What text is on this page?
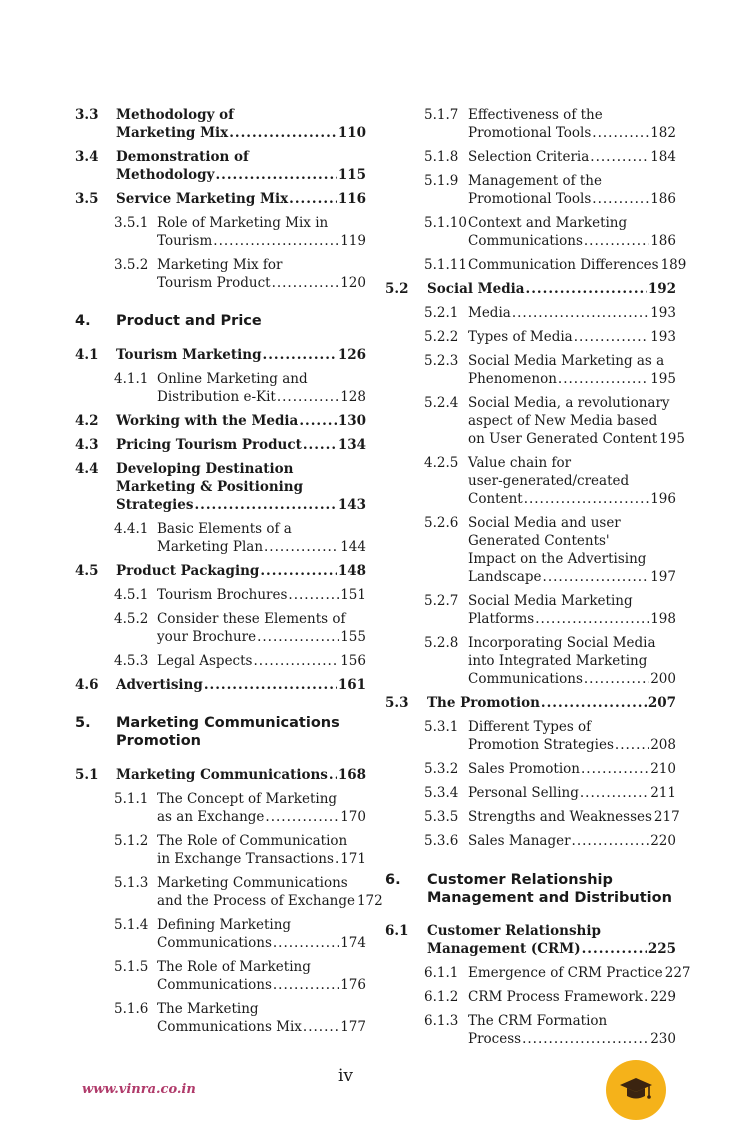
3.3 Methodology of
Marketing Mix .....	110
3.4 Demonstration of
Methodology .....	115
3.5 Service Marketing Mix .....	116
3.5.1 Role of Marketing Mix in
Tourism .....	119
3.5.2 Marketing Mix for
Tourism Product .....	120
4. Product and Price
4.1 Tourism Marketing .....	126
4.1.1 Online Marketing and
Distribution e-Kit .....	128
4.2 Working with the Media .....	130
4.3 Pricing Tourism Product .....	134
4.4 Developing Destination
Marketing & Positioning
Strategies .....	143
4.4.1 Basic Elements of a
Marketing Plan .....	144
4.5 Product Packaging .....	148
4.5.1 Tourism Brochures .....	151
4.5.2 Consider these Elements of
your Brochure .....	155
4.5.3 Legal Aspects .....	156
4.6 Advertising .....	161
5. Marketing Communications
Promotion
5.1 Marketing Communications ..... 168
5.1.1 The Concept of Marketing
as an Exchange .....	170
5.1.2 The Role of Communication
in Exchange Transactions ..... 171
5.1.3 Marketing Communications
and the Process of Exchange 172
5.1.4 Defining Marketing
Communications .....	174
5.1.5 The Role of Marketing
Communications .....	176
5.1.6 The Marketing
Communications Mix .....	177
5.1.7 Effectiveness of the
Promotional Tools .....	182
5.1.8 Selection Criteria .....	184
5.1.9 Management of the
Promotional Tools .....	186
5.1.10 Context and Marketing
Communications .....	186
5.1.11 Communication Differences 189
5.2 Social Media .....	192
5.2.1 Media .....	193
5.2.2 Types of Media .....	193
5.2.3 Social Media Marketing as a
Phenomenon .....	195
5.2.4 Social Media, a revolutionary
aspect of New Media based
on User Generated Content 195
4.2.5 Value chain for
user-generated/created
Content .....	196
5.2.6 Social Media and user
Generated Contents'
Impact on the Advertising
Landscape .....	197
5.2.7 Social Media Marketing
Platforms .....	198
5.2.8 Incorporating Social Media
into Integrated Marketing
Communications .....	200
5.3 The Promotion .....	207
5.3.1 Different Types of
Promotion Strategies .....	208
5.3.2 Sales Promotion .....	210
5.3.4 Personal Selling .....	211
5.3.5 Strengths and Weaknesses 217
5.3.6 Sales Manager .....	220
6. Customer Relationship
Management and Distribution
6.1 Customer Relationship
Management (CRM) .....	225
6.1.1 Emergence of CRM Practice 227
6.1.2 CRM Process Framework ..... 229
6.1.3 The CRM Formation
Process .....	230
iv
www.vinra.co.in
